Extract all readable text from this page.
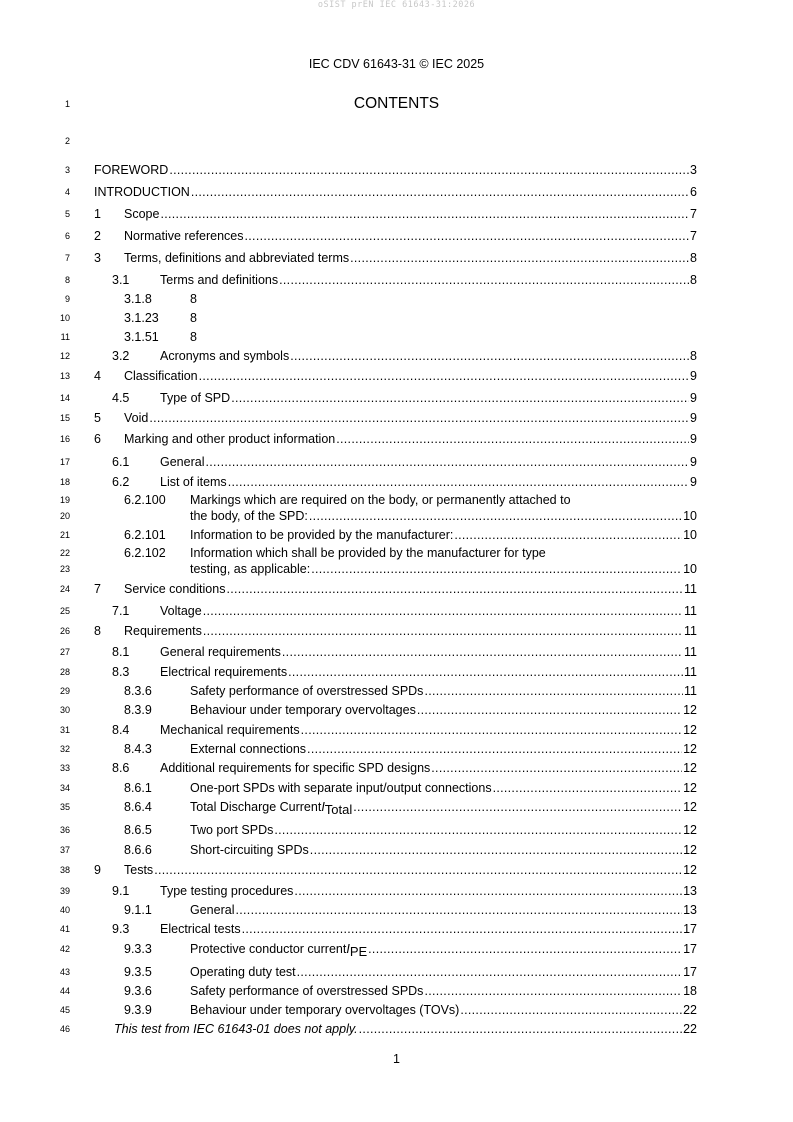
oSIST prEN IEC 61643-31:2026
IEC CDV 61643-31 © IEC 2025
CONTENTS
1
2
3
4
5
6
7
8
9
10
11
12
13
14
15
16
17
18
19
20
21
22
23
24
25
26
27
28
29
30
31
32
33
34
35
36
37
38
39
40
41
42
43
44
45
46
FOREWORD .....	3
INTRODUCTION .....	6
1	Scope .....	7
2	Normative references .....	7
3	Terms, definitions and abbreviated terms .....	8
3.1	Terms and definitions .....	8
3.1.8	8
3.1.23	8
3.1.51	8
3.2	Acronyms and symbols .....	8
4	Classification .....	9
4.5	Type of SPD .....	9
5	Void .....	9
6	Marking and other product information .....	9
6.1	General .....	9
6.2	List of items .....	9
6.2.100	Markings which are required on the body, or permanently attached to
the body, of the SPD: .....	10
6.2.101	Information to be provided by the manufacturer: .....	10
6.2.102	Information which shall be provided by the manufacturer for type
testing, as applicable: .....	10
7	Service conditions .....	11
7.1	Voltage .....	11
8	Requirements .....	11
8.1	General requirements .....	11
8.3	Electrical requirements .....	11
8.3.6	Safety performance of overstressed SPDs .....	11
8.3.9	Behaviour under temporary overvoltages .....	12
8.4	Mechanical requirements .....	12
8.4.3	External connections .....	12
8.6	Additional requirements for specific SPD designs .....	12
8.6.1	One-port SPDs with separate input/output connections .....	12
8.6.4	Total Discharge Current I Total .....	12
8.6.5	Two port SPDs .....	12
8.6.6	Short-circuiting SPDs .....	12
9	Tests .....	12
9.1	Type testing procedures .....	13
9.1.1	General .....	13
9.3	Electrical tests .....	17
9.3.3	Protective conductor current I PE .....	17
9.3.5	Operating duty test .....	17
9.3.6	Safety performance of overstressed SPDs .....	18
9.3.9	Behaviour under temporary overvoltages (TOVs) .....	22
This test from IEC 61643-01 does not apply. .....	22
1
